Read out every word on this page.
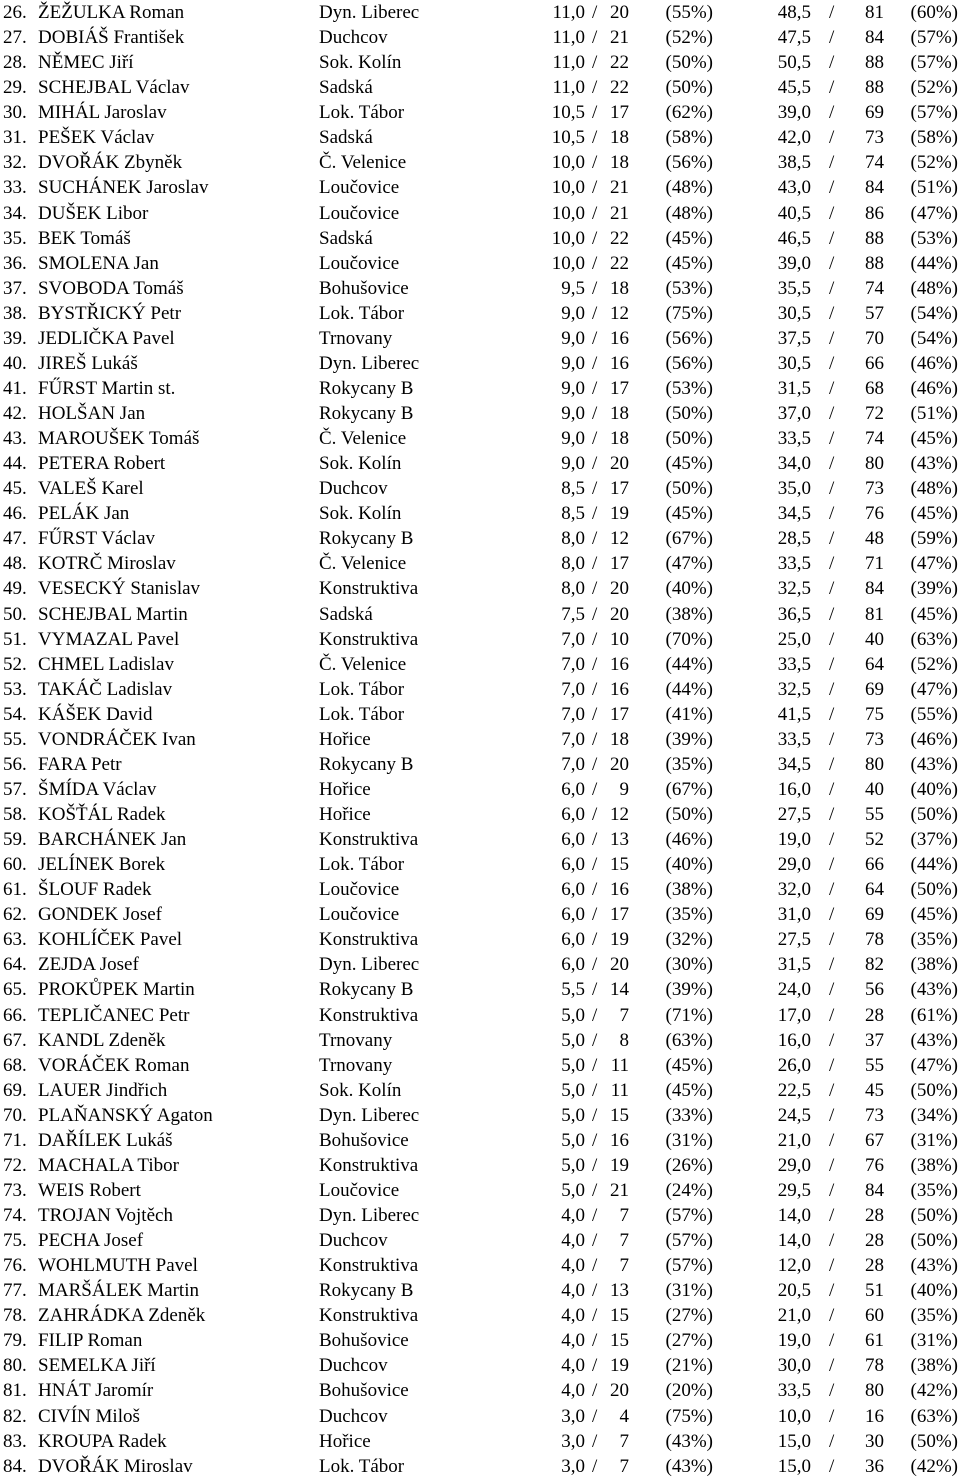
26. ŽEŽULKA Roman	Dyn. Liberec	11,0 / 20 (55%)	48,5 / 81 (60%)
27. DOBIÁŠ František	Duchcov	11,0 / 21 (52%)	47,5 / 84 (57%)
28. NĚMEC Jiří	Sok. Kolín	11,0 / 22 (50%)	50,5 / 88 (57%)
29. SCHEJBAL Václav	Sadská	11,0 / 22 (50%)	45,5 / 88 (52%)
30. MIHÁL Jaroslav	Lok. Tábor	10,5 / 17 (62%)	39,0 / 69 (57%)
31. PEŠEK Václav	Sadská	10,5 / 18 (58%)	42,0 / 73 (58%)
32. DVOŘÁK Zbyněk	Č. Velenice	10,0 / 18 (56%)	38,5 / 74 (52%)
33. SUCHÁNEK Jaroslav	Loučovice	10,0 / 21 (48%)	43,0 / 84 (51%)
34. DUŠEK Libor	Loučovice	10,0 / 21 (48%)	40,5 / 86 (47%)
35. BEK Tomáš	Sadská	10,0 / 22 (45%)	46,5 / 88 (53%)
36. SMOLENA Jan	Loučovice	10,0 / 22 (45%)	39,0 / 88 (44%)
37. SVOBODA Tomáš	Bohušovice	9,5 / 18 (53%)	35,5 / 74 (48%)
38. BYSTŘICKÝ Petr	Lok. Tábor	9,0 / 12 (75%)	30,5 / 57 (54%)
39. JEDLIČKA Pavel	Trnovany	9,0 / 16 (56%)	37,5 / 70 (54%)
40. JIREŠ Lukáš	Dyn. Liberec	9,0 / 16 (56%)	30,5 / 66 (46%)
41. FŰRST Martin st.	Rokycany B	9,0 / 17 (53%)	31,5 / 68 (46%)
42. HOLŠAN Jan	Rokycany B	9,0 / 18 (50%)	37,0 / 72 (51%)
43. MAROUŠEK Tomáš	Č. Velenice	9,0 / 18 (50%)	33,5 / 74 (45%)
44. PETERA Robert	Sok. Kolín	9,0 / 20 (45%)	34,0 / 80 (43%)
45. VALEŠ Karel	Duchcov	8,5 / 17 (50%)	35,0 / 73 (48%)
46. PELÁK Jan	Sok. Kolín	8,5 / 19 (45%)	34,5 / 76 (45%)
47. FŰRST Václav	Rokycany B	8,0 / 12 (67%)	28,5 / 48 (59%)
48. KOTRČ Miroslav	Č. Velenice	8,0 / 17 (47%)	33,5 / 71 (47%)
49. VESECKÝ Stanislav	Konstruktiva	8,0 / 20 (40%)	32,5 / 84 (39%)
50. SCHEJBAL Martin	Sadská	7,5 / 20 (38%)	36,5 / 81 (45%)
51. VYMAZAL Pavel	Konstruktiva	7,0 / 10 (70%)	25,0 / 40 (63%)
52. CHMEL Ladislav	Č. Velenice	7,0 / 16 (44%)	33,5 / 64 (52%)
53. TAKÁČ Ladislav	Lok. Tábor	7,0 / 16 (44%)	32,5 / 69 (47%)
54. KÁŠEK David	Lok. Tábor	7,0 / 17 (41%)	41,5 / 75 (55%)
55. VONDRÁČEK Ivan	Hořice	7,0 / 18 (39%)	33,5 / 73 (46%)
56. FARA Petr	Rokycany B	7,0 / 20 (35%)	34,5 / 80 (43%)
57. ŠMÍDA Václav	Hořice	6,0 / 9 (67%)	16,0 / 40 (40%)
58. KOŠŤÁL Radek	Hořice	6,0 / 12 (50%)	27,5 / 55 (50%)
59. BARCHÁNEK Jan	Konstruktiva	6,0 / 13 (46%)	19,0 / 52 (37%)
60. JELÍNEK Borek	Lok. Tábor	6,0 / 15 (40%)	29,0 / 66 (44%)
61. ŠLOUF Radek	Loučovice	6,0 / 16 (38%)	32,0 / 64 (50%)
62. GONDEK Josef	Loučovice	6,0 / 17 (35%)	31,0 / 69 (45%)
63. KOHLÍČEK Pavel	Konstruktiva	6,0 / 19 (32%)	27,5 / 78 (35%)
64. ZEJDA Josef	Dyn. Liberec	6,0 / 20 (30%)	31,5 / 82 (38%)
65. PROKŮPEK Martin	Rokycany B	5,5 / 14 (39%)	24,0 / 56 (43%)
66. TEPLIČANEC Petr	Konstruktiva	5,0 / 7 (71%)	17,0 / 28 (61%)
67. KANDL Zdeněk	Trnovany	5,0 / 8 (63%)	16,0 / 37 (43%)
68. VORÁČEK Roman	Trnovany	5,0 / 11 (45%)	26,0 / 55 (47%)
69. LAUER Jindřich	Sok. Kolín	5,0 / 11 (45%)	22,5 / 45 (50%)
70. PLAŇANSKÝ Agaton	Dyn. Liberec	5,0 / 15 (33%)	24,5 / 73 (34%)
71. DAŘÍLEK Lukáš	Bohušovice	5,0 / 16 (31%)	21,0 / 67 (31%)
72. MACHALA Tibor	Konstruktiva	5,0 / 19 (26%)	29,0 / 76 (38%)
73. WEIS Robert	Loučovice	5,0 / 21 (24%)	29,5 / 84 (35%)
74. TROJAN Vojtěch	Dyn. Liberec	4,0 / 7 (57%)	14,0 / 28 (50%)
75. PECHA Josef	Duchcov	4,0 / 7 (57%)	14,0 / 28 (50%)
76. WOHLMUTH Pavel	Konstruktiva	4,0 / 7 (57%)	12,0 / 28 (43%)
77. MARŠÁLEK Martin	Rokycany B	4,0 / 13 (31%)	20,5 / 51 (40%)
78. ZAHRÁDKA Zdeněk	Konstruktiva	4,0 / 15 (27%)	21,0 / 60 (35%)
79. FILIP Roman	Bohušovice	4,0 / 15 (27%)	19,0 / 61 (31%)
80. SEMELKA Jiří	Duchcov	4,0 / 19 (21%)	30,0 / 78 (38%)
81. HNÁT Jaromír	Bohušovice	4,0 / 20 (20%)	33,5 / 80 (42%)
82. CIVÍN Miloš	Duchcov	3,0 / 4 (75%)	10,0 / 16 (63%)
83. KROUPA Radek	Hořice	3,0 / 7 (43%)	15,0 / 30 (50%)
84. DVOŘÁK Miroslav	Lok. Tábor	3,0 / 7 (43%)	15,0 / 36 (42%)
